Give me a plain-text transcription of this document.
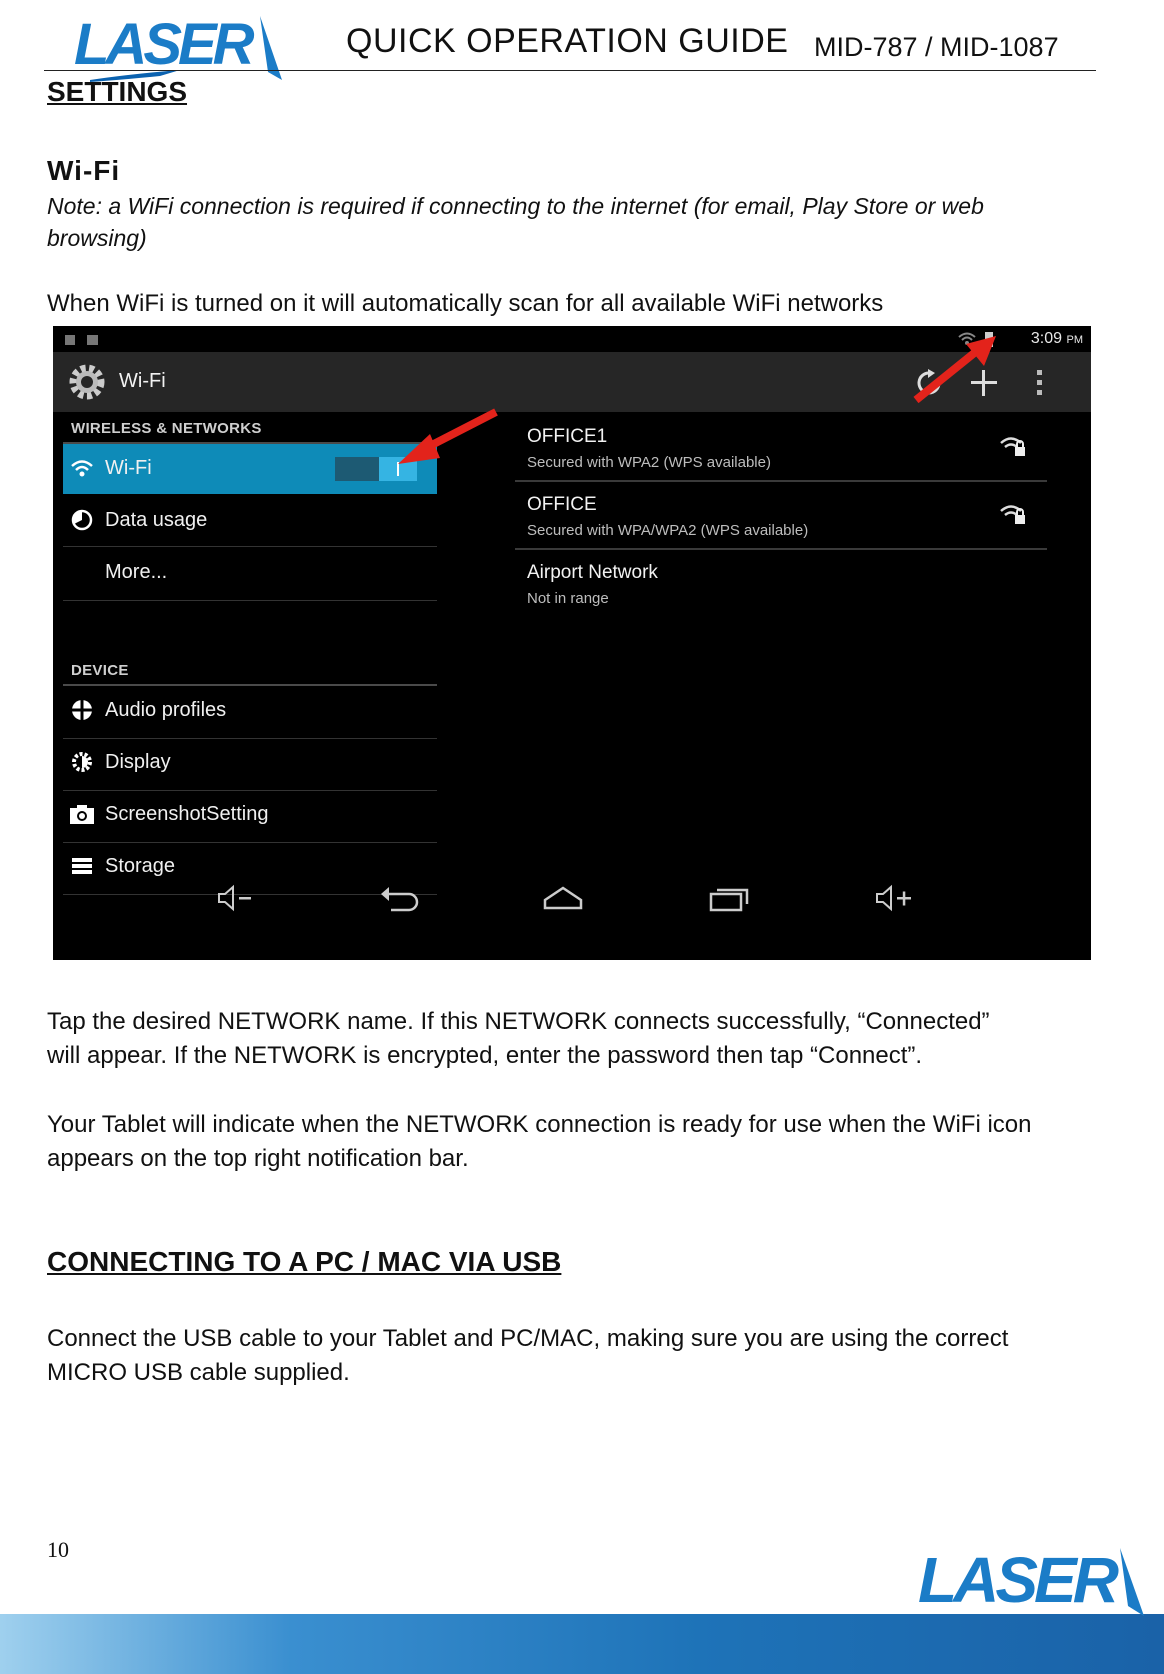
LASER	QUICK OPERATION GUIDE MID-787 / MID-1087
SETTINGS
Wi-Fi
Note: a WiFi connection is required if connecting to the internet (for email, Play Store or web
browsing)
When WiFi is turned on it will automatically scan for all available WiFi networks
3:09 PM
Wi-Fi
WIRELESS & NETWORKS
Wi-Fi
Data usage
More...
DEVICE
Audio profiles
Display
ScreenshotSetting
Storage
OFFICE1
Secured with WPA2 (WPS available)
OFFICE
Secured with WPA/WPA2 (WPS available)
Airport Network
Not in range
Tap the desired NETWORK name. If this NETWORK connects successfully, “Connected”
will appear. If the NETWORK is encrypted, enter the password then tap “Connect”.
Your Tablet will indicate when the NETWORK connection is ready for use when the WiFi icon
appears on the top right notification bar.
CONNECTING TO A PC / MAC VIA USB
Connect the USB cable to your Tablet and PC/MAC, making sure you are using the correct
MICRO USB cable supplied.
10	LASER
